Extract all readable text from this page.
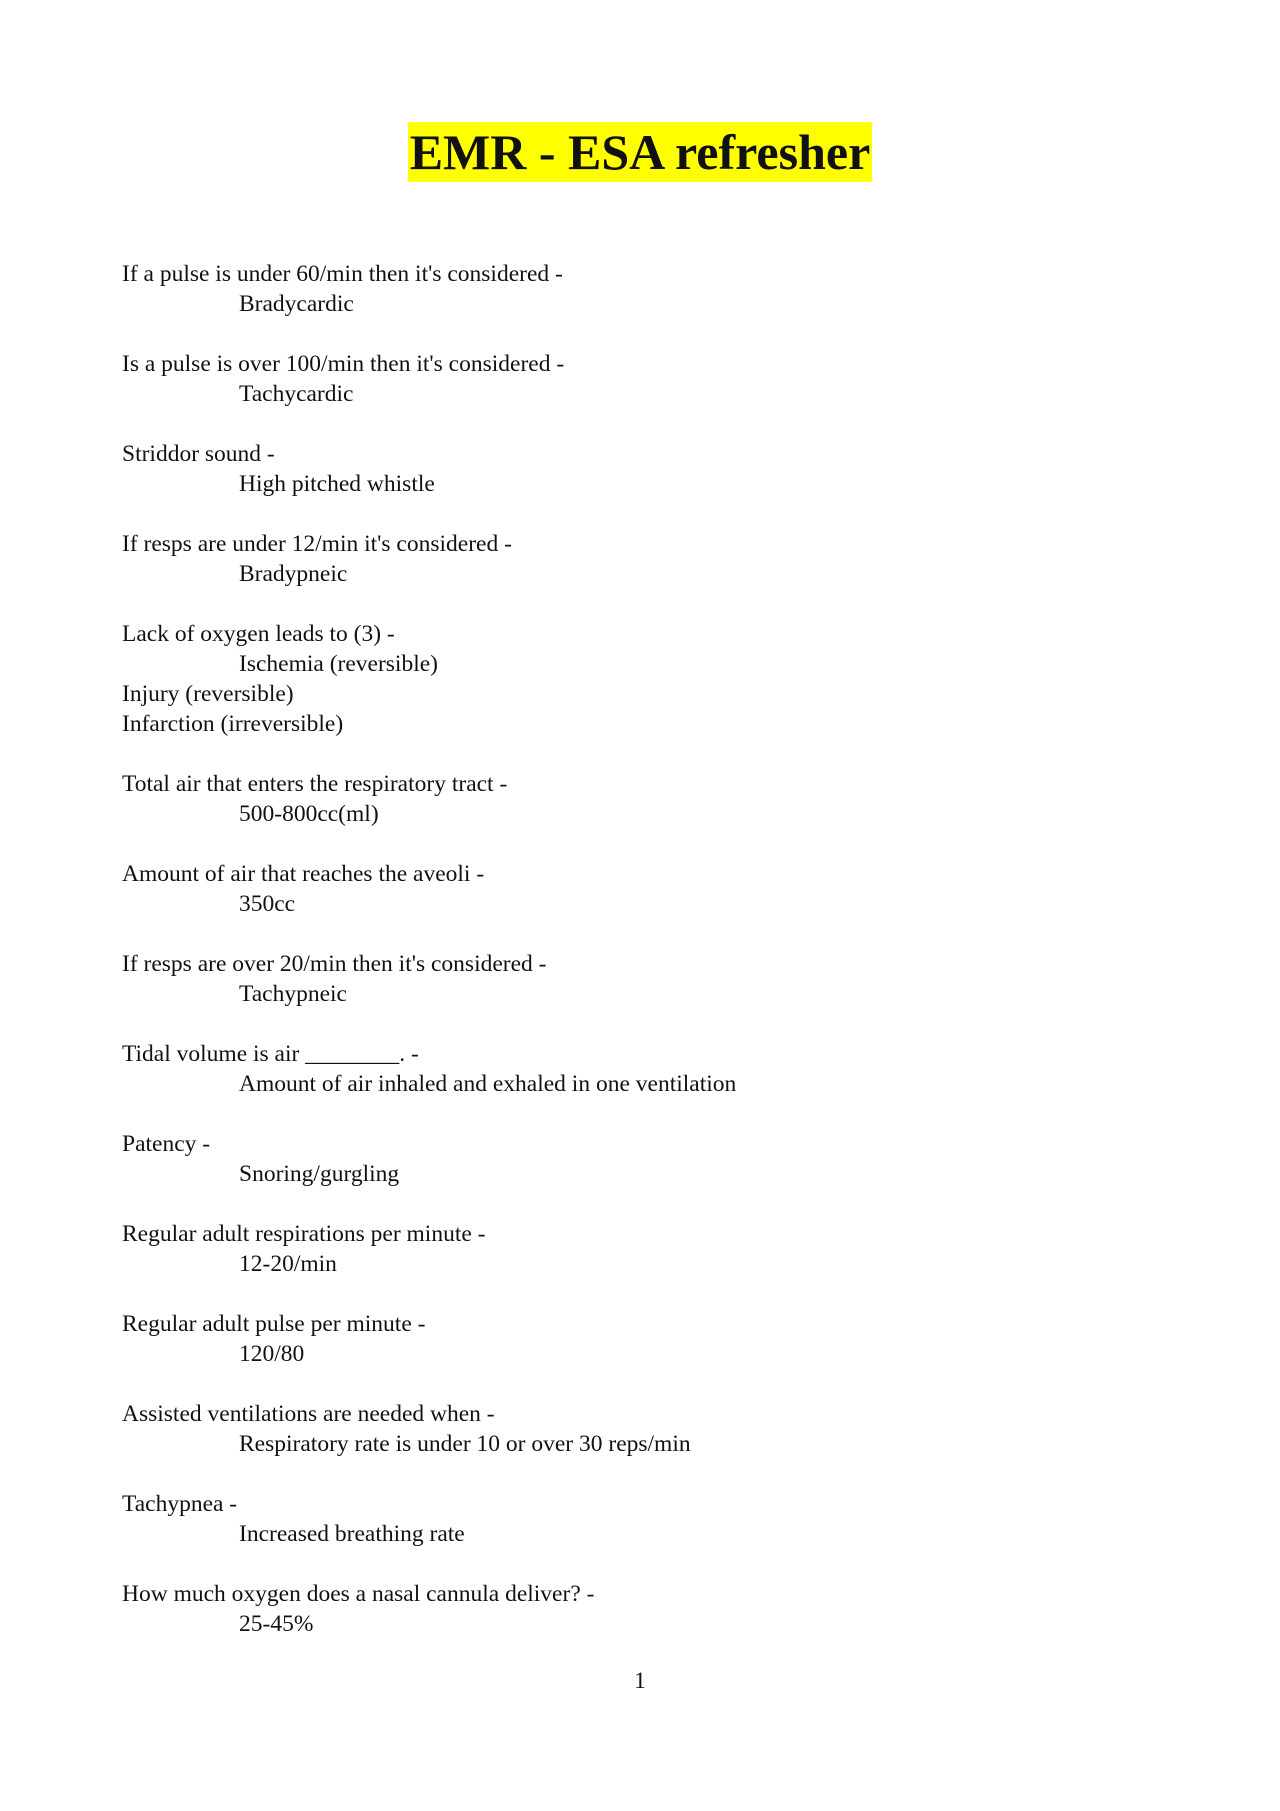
EMR - ESA refresher
If a pulse is under 60/min then it's considered -
Bradycardic
Is a pulse is over 100/min then it's considered -
Tachycardic
Striddor sound -
High pitched whistle
If resps are under 12/min it's considered -
Bradypneic
Lack of oxygen leads to (3) -
Ischemia (reversible)
Injury (reversible)
Infarction (irreversible)
Total air that enters the respiratory tract -
500-800cc(ml)
Amount of air that reaches the aveoli -
350cc
If resps are over 20/min then it's considered -
Tachypneic
Tidal volume is air ________. -
Amount of air inhaled and exhaled in one ventilation
Patency -
Snoring/gurgling
Regular adult respirations per minute -
12-20/min
Regular adult pulse per minute -
120/80
Assisted ventilations are needed when -
Respiratory rate is under 10 or over 30 reps/min
Tachypnea -
Increased breathing rate
How much oxygen does a nasal cannula deliver? -
25-45%
1
